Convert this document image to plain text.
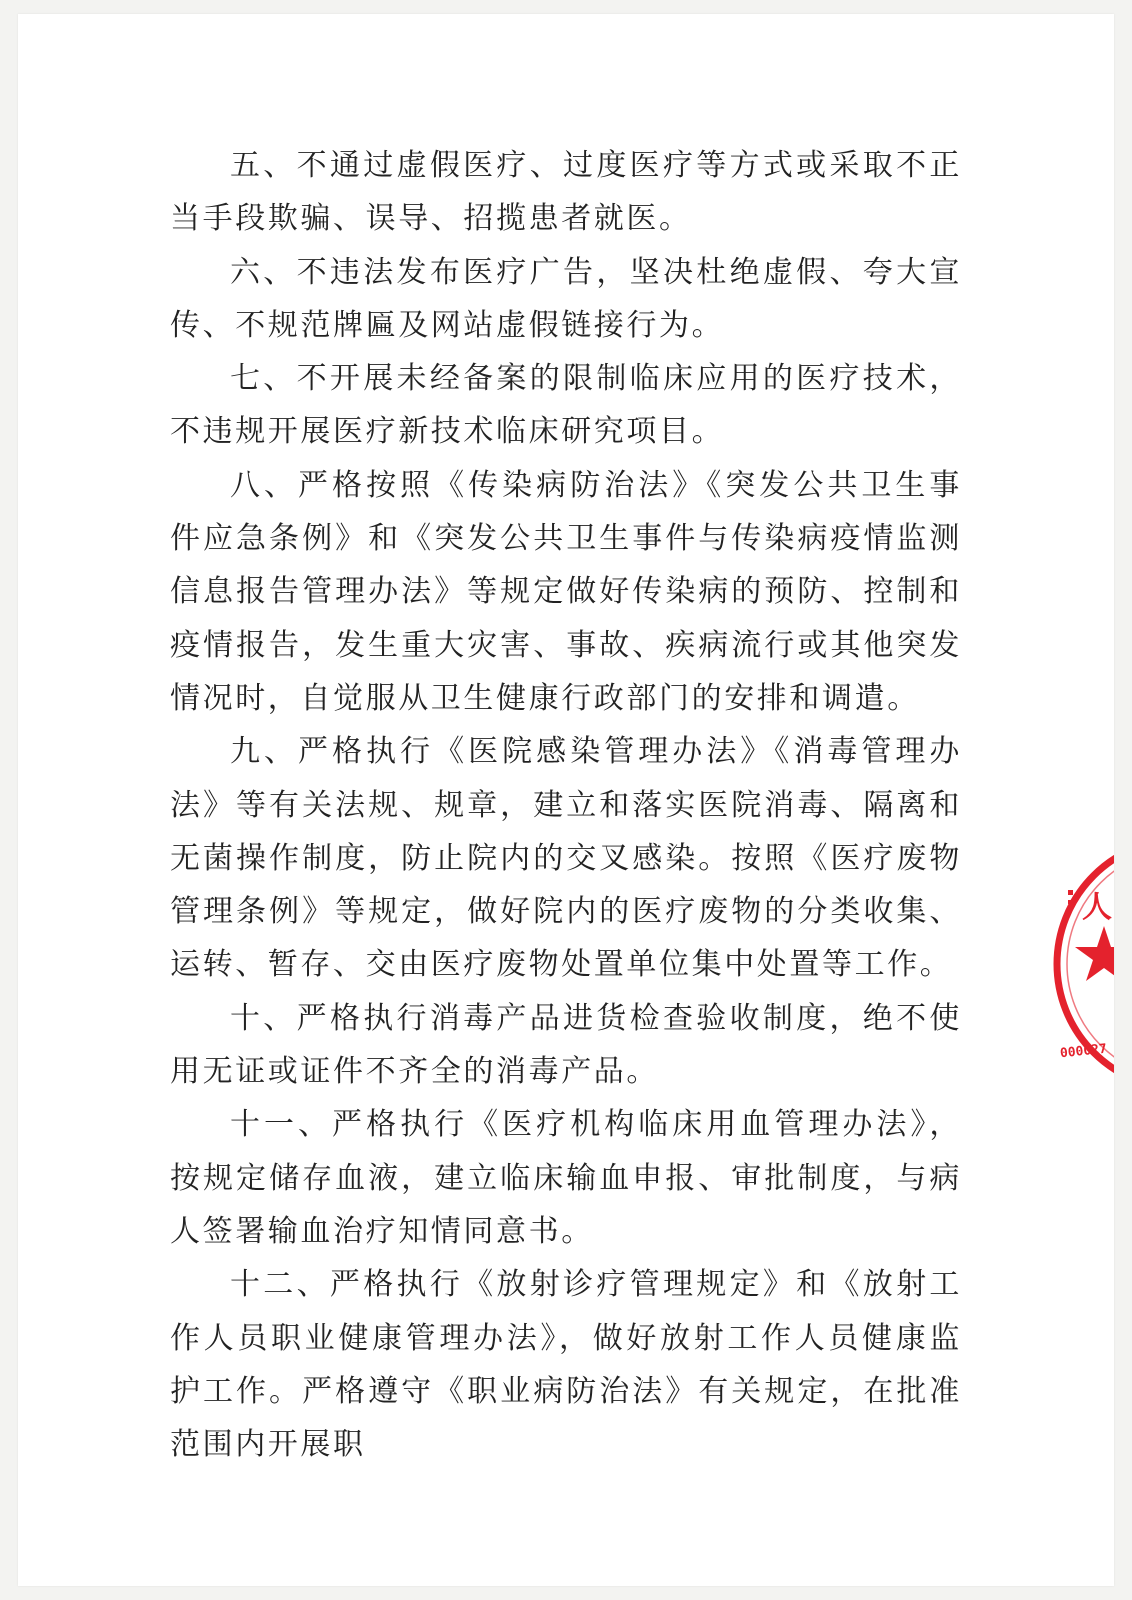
五、不通过虚假医疗、过度医疗等方式或采取不正当手段欺骗、误导、招揽患者就医。

六、不违法发布医疗广告，坚决杜绝虚假、夸大宣传、不规范牌匾及网站虚假链接行为。

七、不开展未经备案的限制临床应用的医疗技术，不违规开展医疗新技术临床研究项目。

八、严格按照《传染病防治法》《突发公共卫生事件应急条例》和《突发公共卫生事件与传染病疫情监测信息报告管理办法》等规定做好传染病的预防、控制和疫情报告，发生重大灾害、事故、疾病流行或其他突发情况时，自觉服从卫生健康行政部门的安排和调遣。

九、严格执行《医院感染管理办法》《消毒管理办法》等有关法规、规章，建立和落实医院消毒、隔离和无菌操作制度，防止院内的交叉感染。按照《医疗废物管理条例》等规定，做好院内的医疗废物的分类收集、运转、暂存、交由医疗废物处置单位集中处置等工作。

十、严格执行消毒产品进货检查验收制度，绝不使用无证或证件不齐全的消毒产品。

十一、严格执行《医疗机构临床用血管理办法》，按规定储存血液，建立临床输血申报、审批制度，与病人签署输血治疗知情同意书。

十二、严格执行《放射诊疗管理规定》和《放射工作人员职业健康管理办法》，做好放射工作人员健康监护工作。严格遵守《职业病防治法》有关规定，在批准范围内开展职

人
000027
